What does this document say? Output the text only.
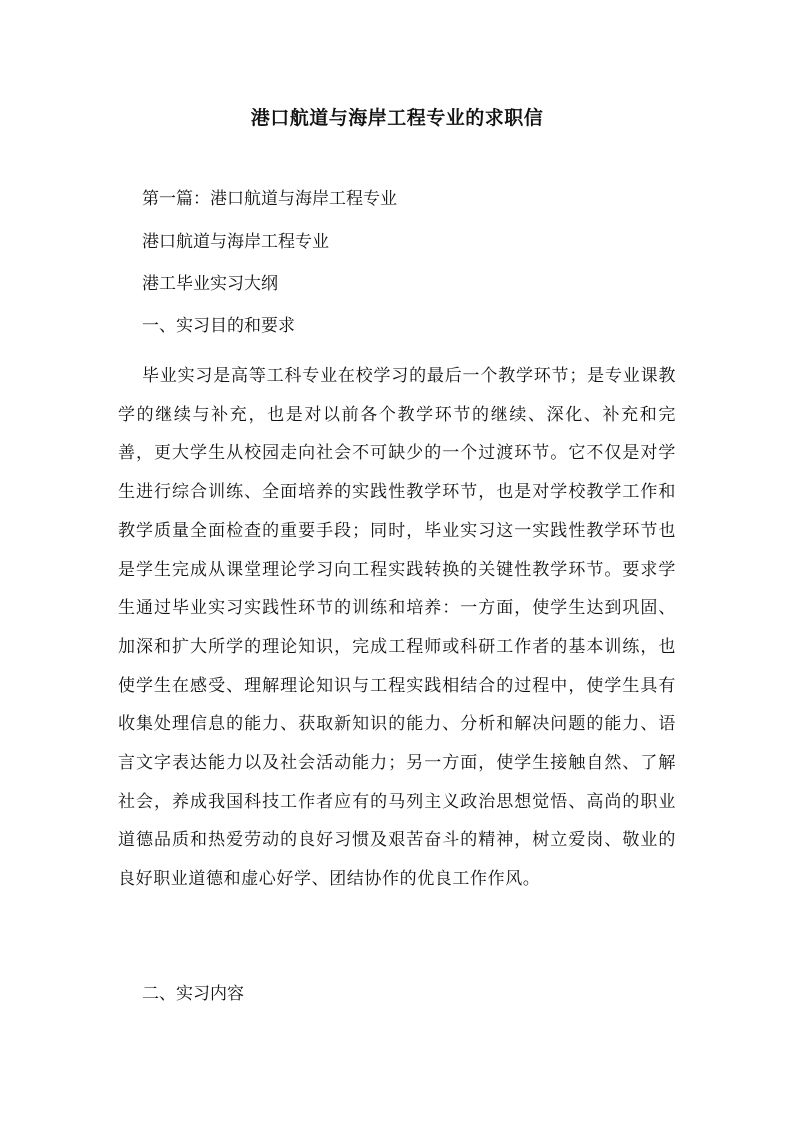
港口航道与海岸工程专业的求职信

第一篇：港口航道与海岸工程专业

港口航道与海岸工程专业

港工毕业实习大纲

一、实习目的和要求

毕业实习是高等工科专业在校学习的最后一个教学环节；是专业课教学的继续与补充，也是对以前各个教学环节的继续、深化、补充和完善，更大学生从校园走向社会不可缺少的一个过渡环节。它不仅是对学生进行综合训练、全面培养的实践性教学环节，也是对学校教学工作和教学质量全面检查的重要手段；同时，毕业实习这一实践性教学环节也是学生完成从课堂理论学习向工程实践转换的关键性教学环节。要求学生通过毕业实习实践性环节的训练和培养：一方面，使学生达到巩固、加深和扩大所学的理论知识，完成工程师或科研工作者的基本训练，也使学生在感受、理解理论知识与工程实践相结合的过程中，使学生具有收集处理信息的能力、获取新知识的能力、分析和解决问题的能力、语言文字表达能力以及社会活动能力；另一方面，使学生接触自然、了解社会，养成我国科技工作者应有的马列主义政治思想觉悟、高尚的职业道德品质和热爱劳动的良好习惯及艰苦奋斗的精神，树立爱岗、敬业的良好职业道德和虚心好学、团结协作的优良工作作风。

二、实习内容
